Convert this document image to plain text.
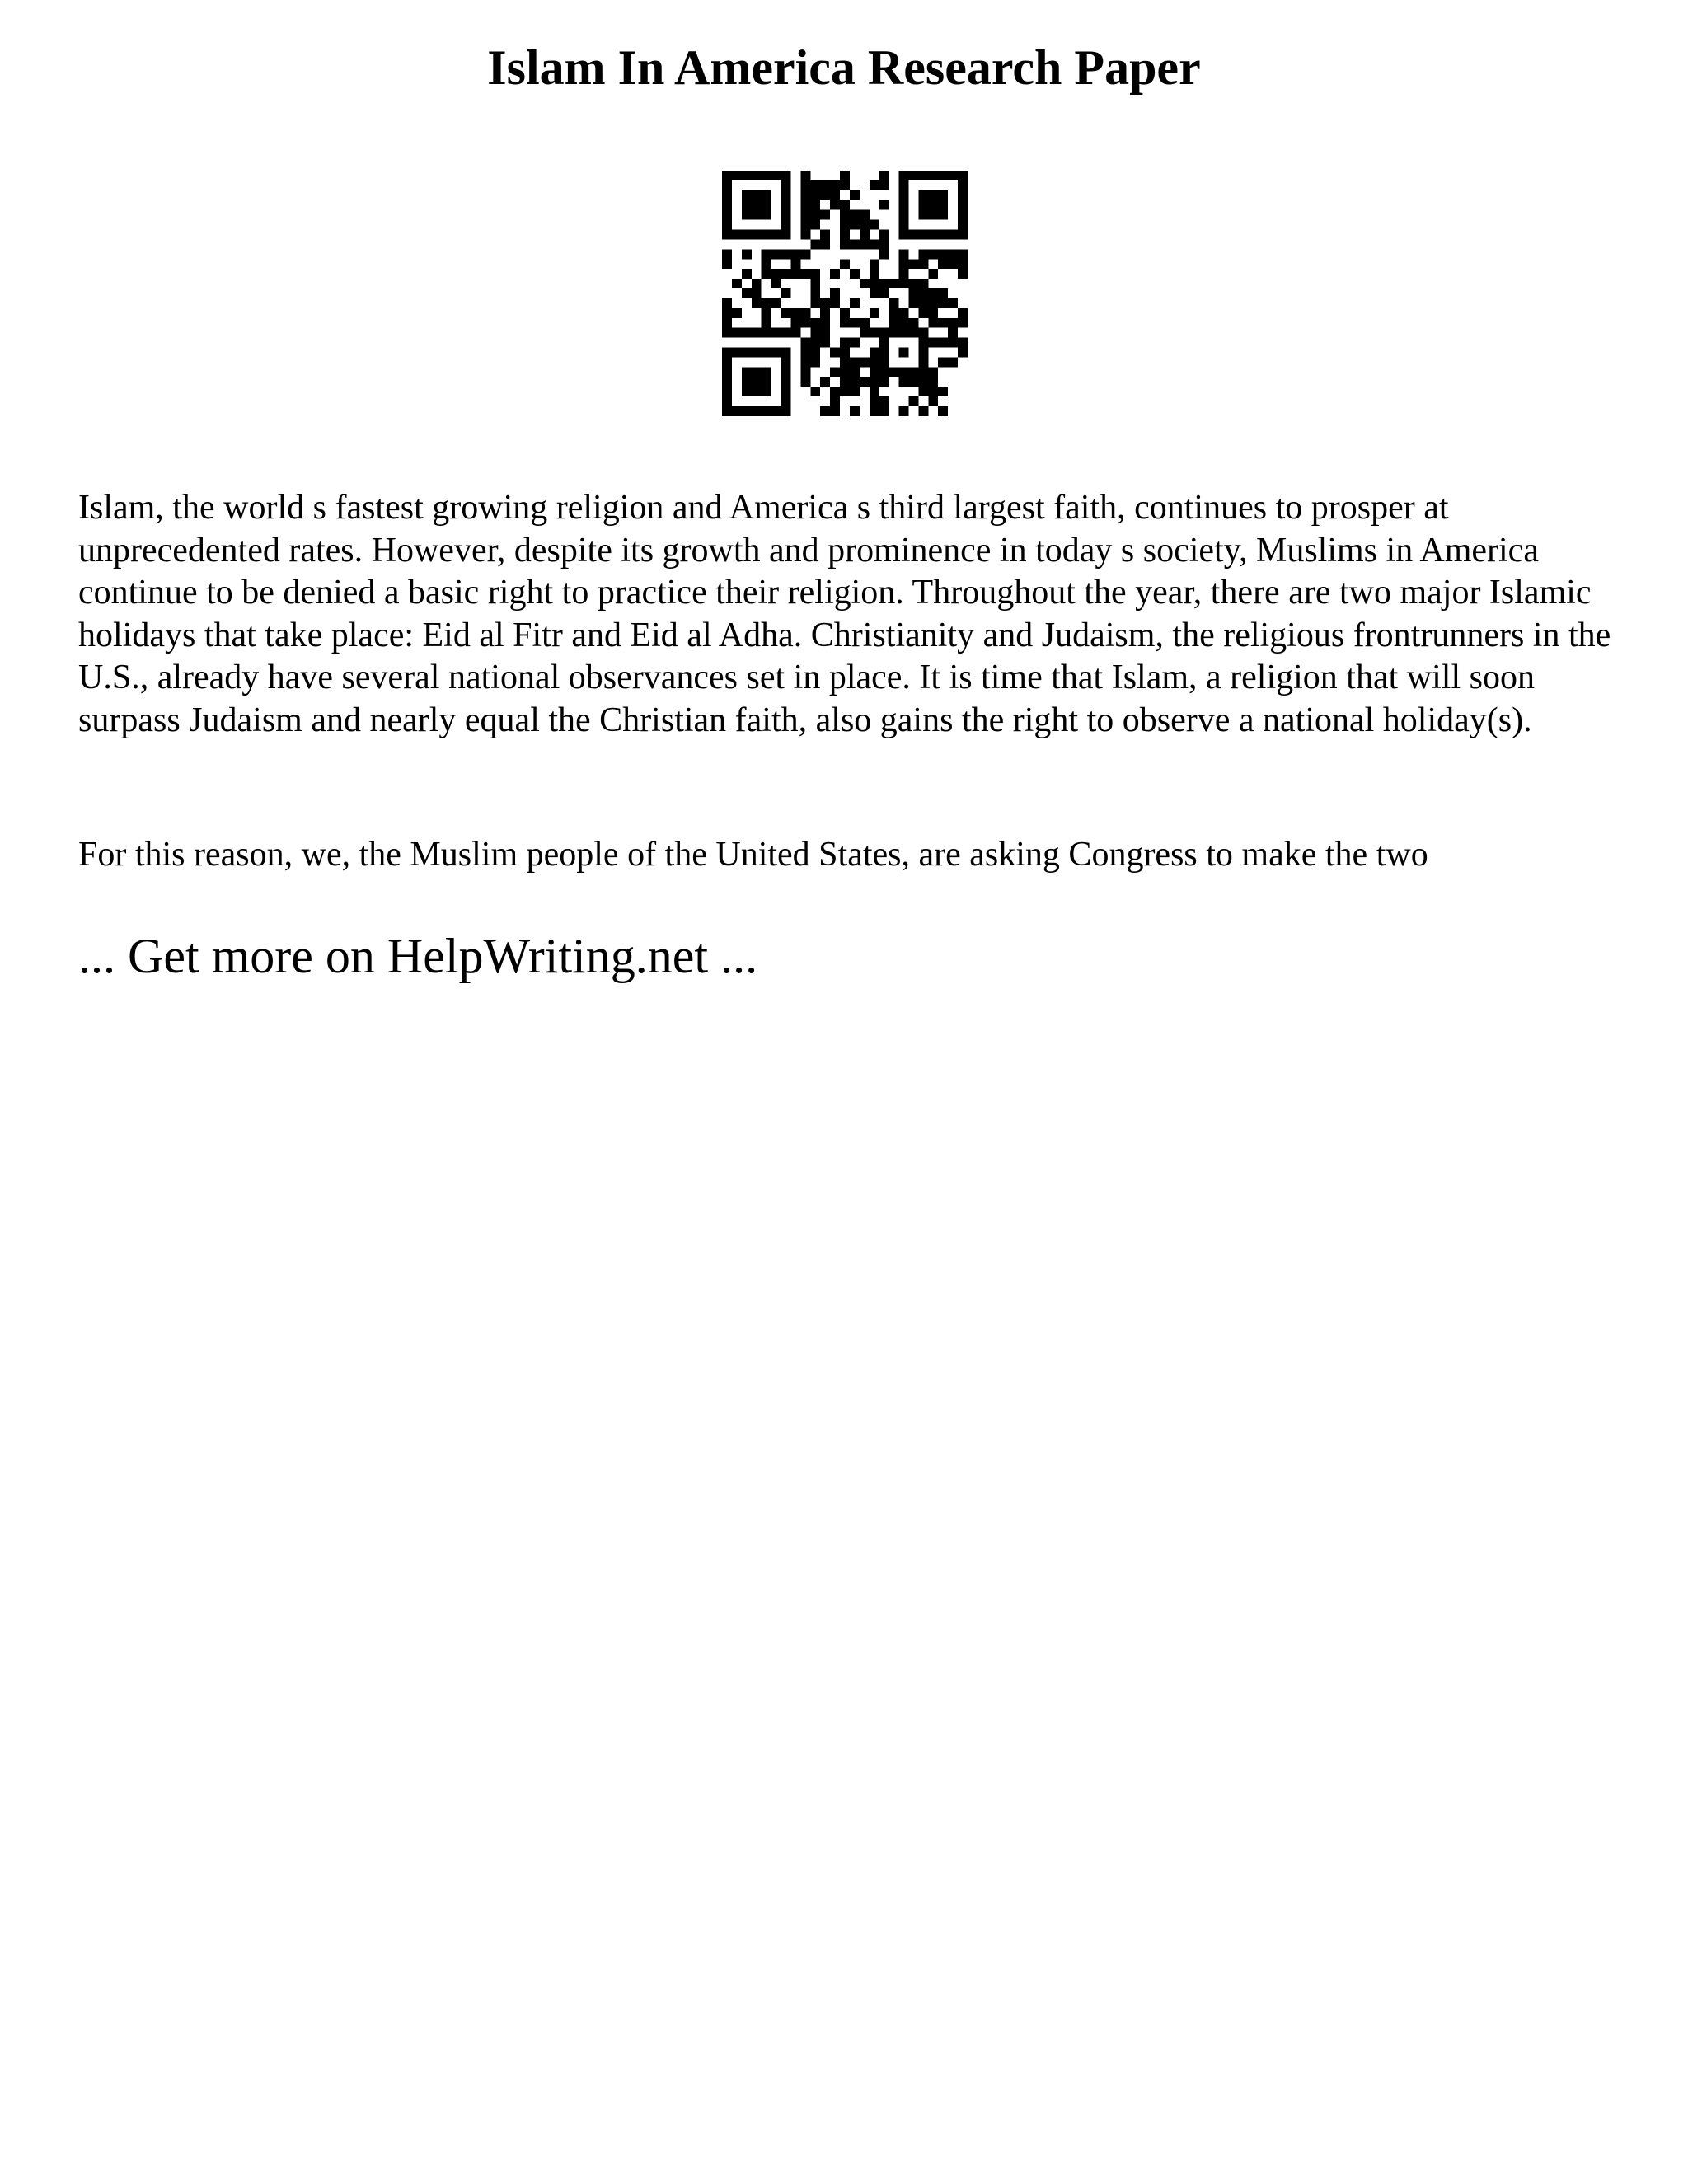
Islam In America Research Paper

Islam, the world s fastest growing religion and America s third largest faith, continues to prosper at unprecedented rates. However, despite its growth and prominence in today s society, Muslims in America continue to be denied a basic right to practice their religion. Throughout the year, there are two major Islamic holidays that take place: Eid al Fitr and Eid al Adha. Christianity and Judaism, the religious frontrunners in the U.S., already have several national observances set in place. It is time that Islam, a religion that will soon surpass Judaism and nearly equal the Christian faith, also gains the right to observe a national holiday(s).

For this reason, we, the Muslim people of the United States, are asking Congress to make the two

... Get more on HelpWriting.net ...
